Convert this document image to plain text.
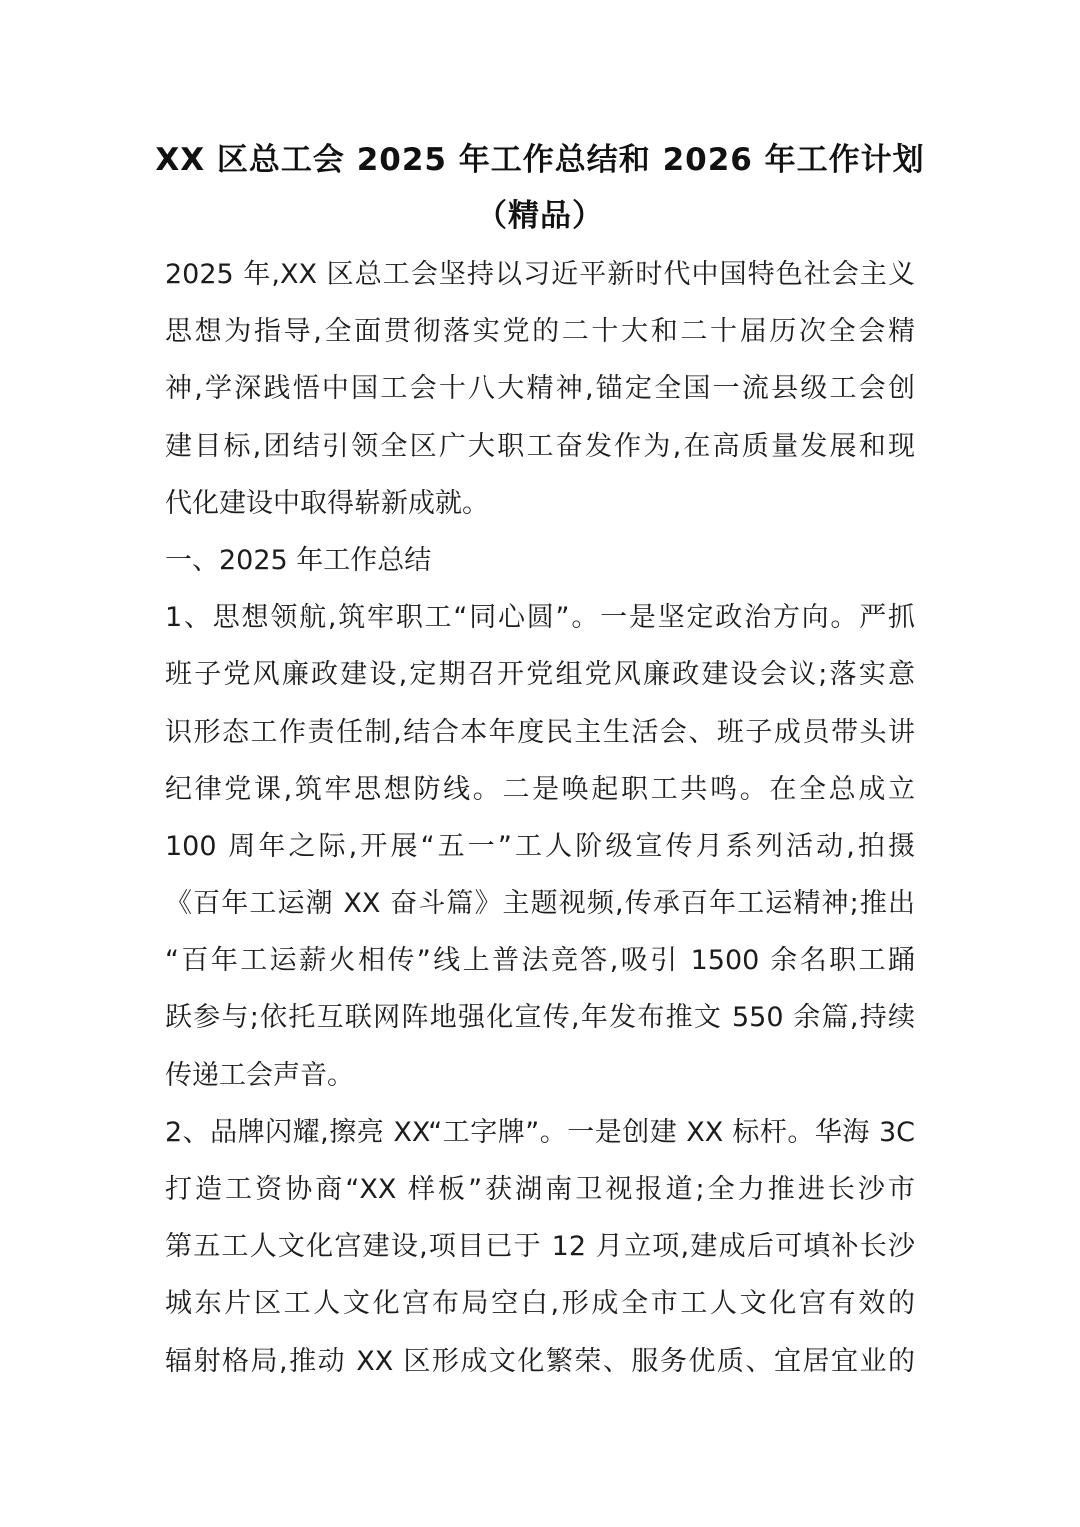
XX 区总工会 2025 年工作总结和 2026 年工作计划
（精品）
2025 年,XX 区总工会坚持以习近平新时代中国特色社会主义
思想为指导,全面贯彻落实党的二十大和二十届历次全会精
神,学深践悟中国工会十八大精神,锚定全国一流县级工会创
建目标,团结引领全区广大职工奋发作为,在高质量发展和现
代化建设中取得崭新成就。
一、2025 年工作总结
1、思想领航,筑牢职工“同心圆”。一是坚定政治方向。严抓
班子党风廉政建设,定期召开党组党风廉政建设会议;落实意
识形态工作责任制,结合本年度民主生活会、班子成员带头讲
纪律党课,筑牢思想防线。二是唤起职工共鸣。在全总成立
100 周年之际,开展“五一”工人阶级宣传月系列活动,拍摄
《百年工运潮 XX 奋斗篇》主题视频,传承百年工运精神;推出
“百年工运薪火相传”线上普法竞答,吸引 1500 余名职工踊
跃参与;依托互联网阵地强化宣传,年发布推文 550 余篇,持续
传递工会声音。
2、品牌闪耀,擦亮 XX“工字牌”。一是创建 XX 标杆。华海 3C
打造工资协商“XX 样板”获湖南卫视报道;全力推进长沙市
第五工人文化宫建设,项目已于 12 月立项,建成后可填补长沙
城东片区工人文化宫布局空白,形成全市工人文化宫有效的
辐射格局,推动 XX 区形成文化繁荣、服务优质、宜居宜业的
